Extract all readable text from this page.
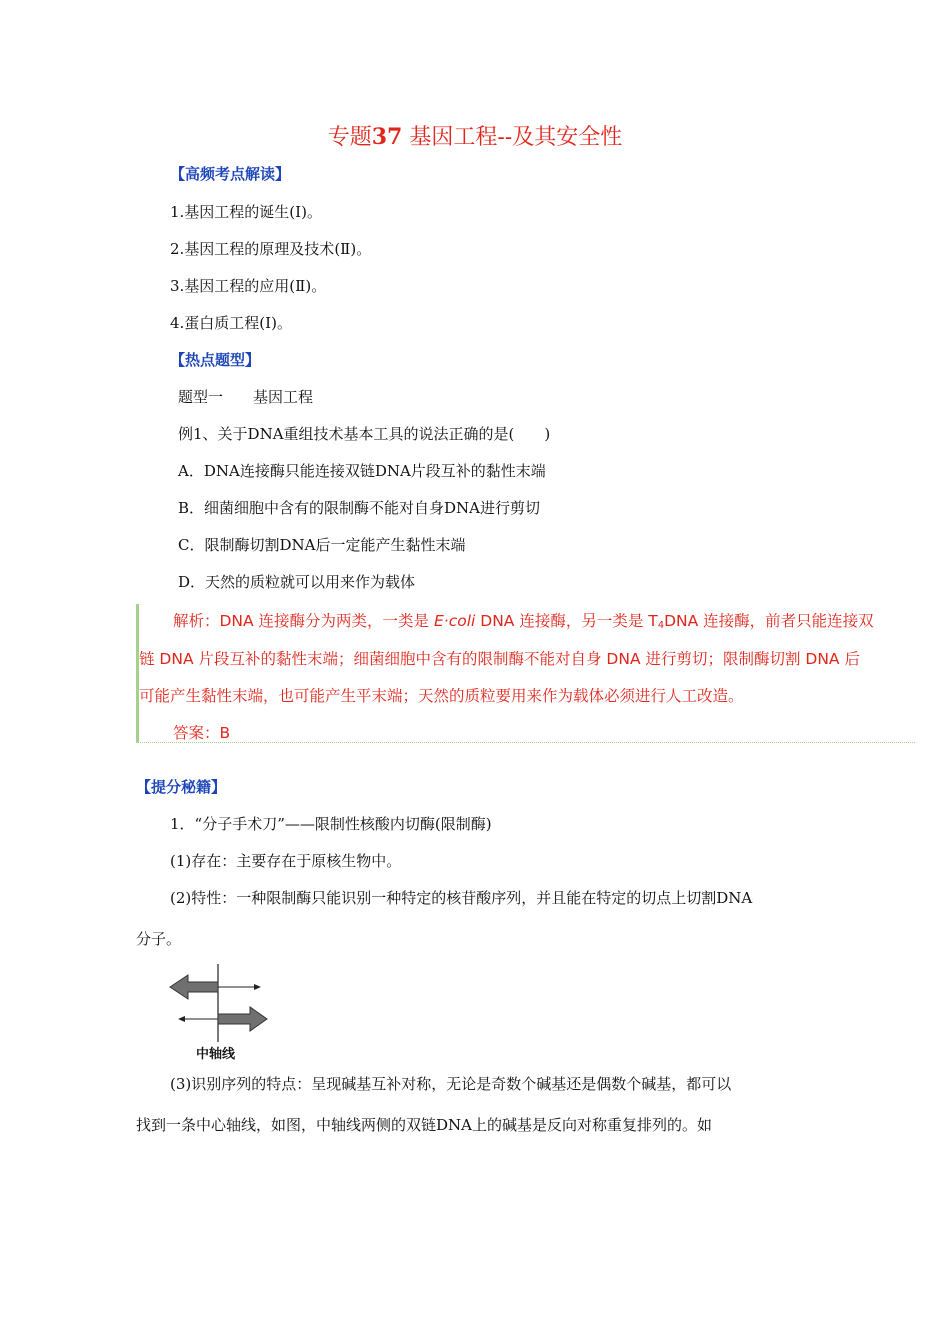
专题37 基因工程--及其安全性
【高频考点解读】
1.基因工程的诞生(Ⅰ)。
2.基因工程的原理及技术(Ⅱ)。
3.基因工程的应用(Ⅱ)。
4.蛋白质工程(Ⅰ)。
【热点题型】
题型一　　基因工程
例1、关于DNA重组技术基本工具的说法正确的是(　　)
A．DNA连接酶只能连接双链DNA片段互补的黏性末端
B．细菌细胞中含有的限制酶不能对自身DNA进行剪切
C．限制酶切割DNA后一定能产生黏性末端
D．天然的质粒就可以用来作为载体
解析：DNA 连接酶分为两类，一类是 E·coli DNA 连接酶，另一类是 $T_4DNA$ 连接酶，前者只能连接双
链 DNA 片段互补的黏性末端；细菌细胞中含有的限制酶不能对自身 DNA 进行剪切；限制酶切割 DNA 后
可能产生黏性末端，也可能产生平末端；天然的质粒要用来作为载体必须进行人工改造。
答案：B
【提分秘籍】
1．“分子手术刀”——限制性核酸内切酶(限制酶)
(1)存在：主要存在于原核生物中。
(2)特性：一种限制酶只能识别一种特定的核苷酸序列，并且能在特定的切点上切割DNA
分子。
中轴线
(3)识别序列的特点：呈现碱基互补对称，无论是奇数个碱基还是偶数个碱基，都可以
找到一条中心轴线，如图，中轴线两侧的双链DNA上的碱基是反向对称重复排列的。如
